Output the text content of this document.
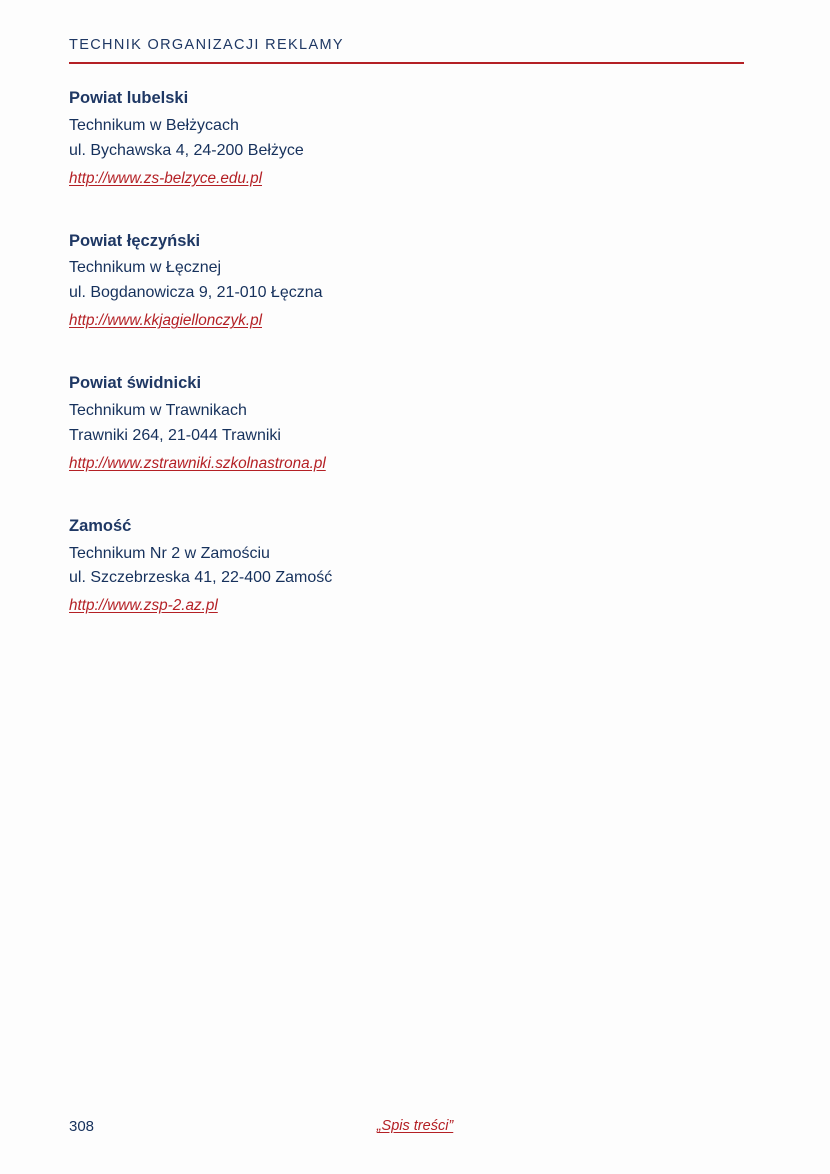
TECHNIK ORGANIZACJI REKLAMY
Powiat lubelski
Technikum w Bełżycach
ul. Bychawska 4, 24-200 Bełżyce
http://www.zs-belzyce.edu.pl
Powiat łęczyński
Technikum w Łęcznej
ul. Bogdanowicza 9, 21-010 Łęczna
http://www.kkjagiellonczyk.pl
Powiat świdnicki
Technikum w Trawnikach
Trawniki 264, 21-044 Trawniki
http://www.zstrawniki.szkolnastrona.pl
Zamość
Technikum Nr 2 w Zamościu
ul. Szczebrzeska 41, 22-400 Zamość
http://www.zsp-2.az.pl
308	„Spis treści”
